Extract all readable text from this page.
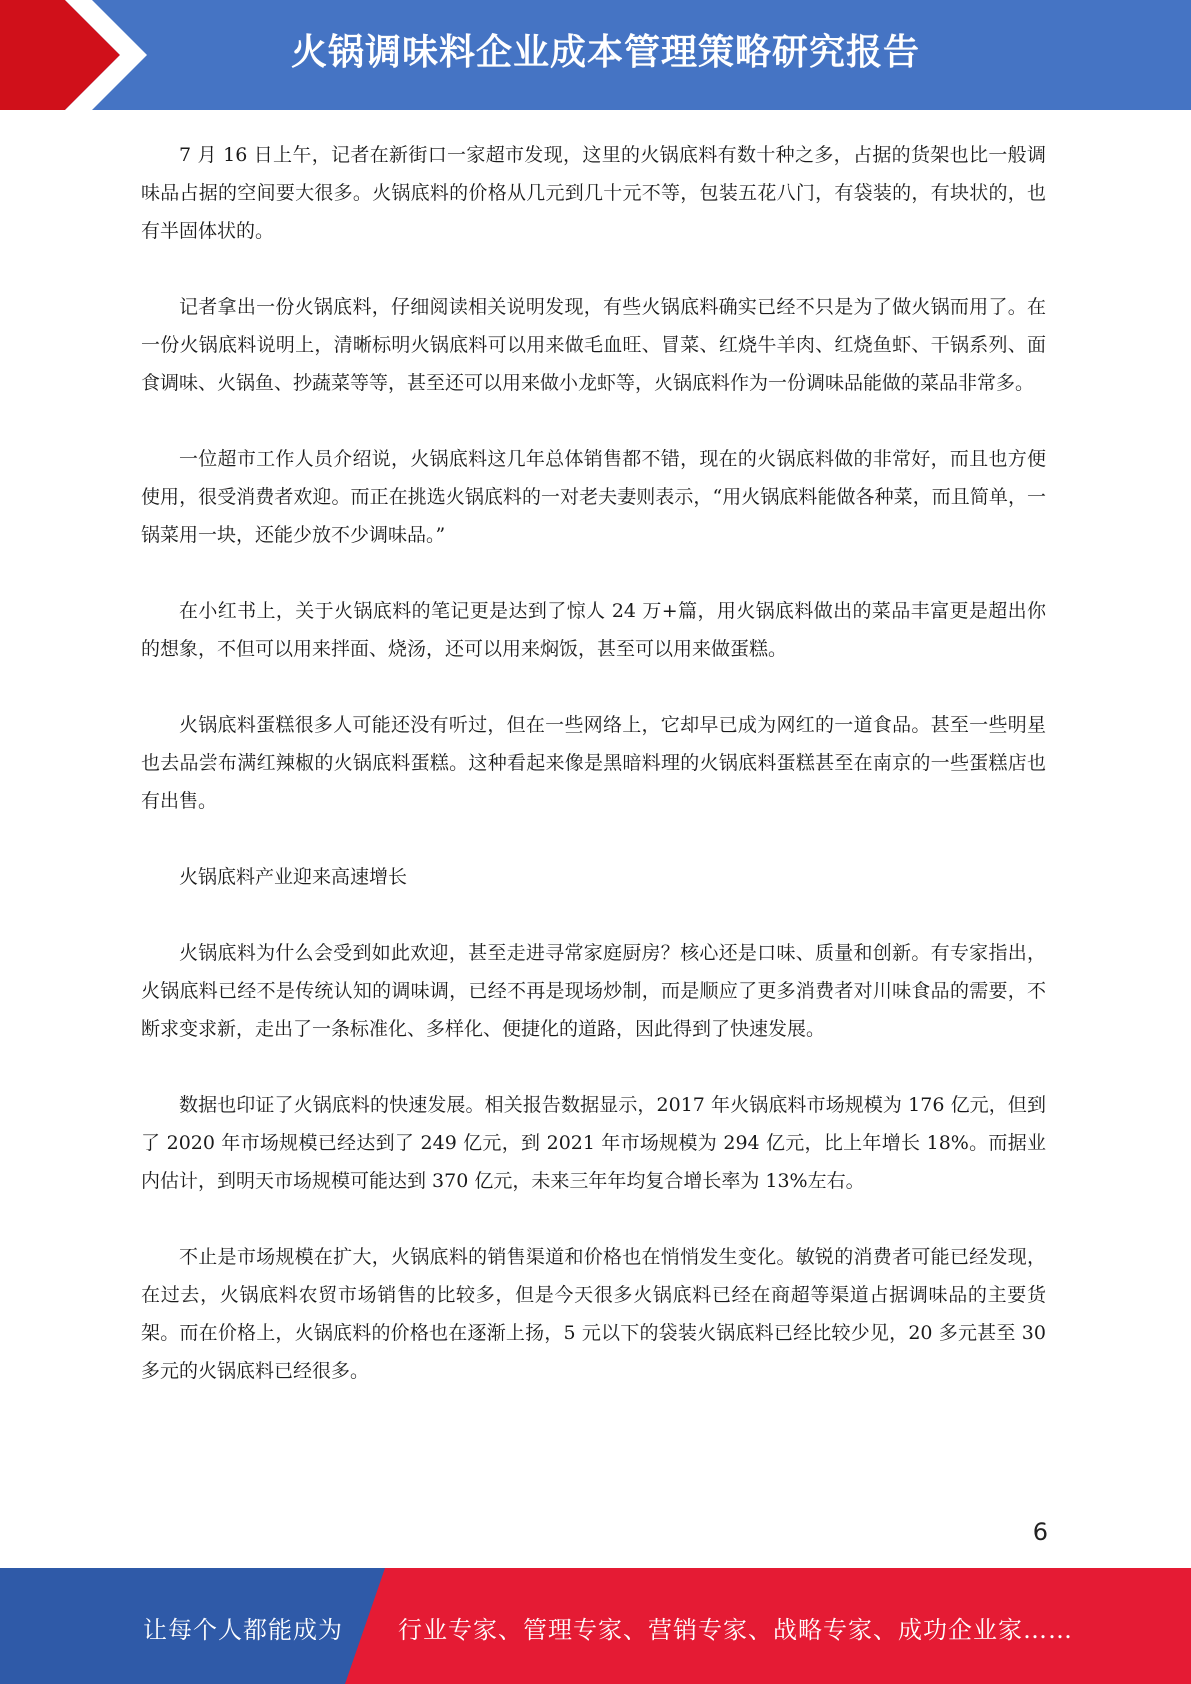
火锅调味料企业成本管理策略研究报告

7 月 16 日上午，记者在新街口一家超市发现，这里的火锅底料有数十种之多，占据的货架也比一般调味品占据的空间要大很多。火锅底料的价格从几元到几十元不等，包装五花八门，有袋装的，有块状的，也有半固体状的。

记者拿出一份火锅底料，仔细阅读相关说明发现，有些火锅底料确实已经不只是为了做火锅而用了。在一份火锅底料说明上，清晰标明火锅底料可以用来做毛血旺、冒菜、红烧牛羊肉、红烧鱼虾、干锅系列、面食调味、火锅鱼、抄蔬菜等等，甚至还可以用来做小龙虾等，火锅底料作为一份调味品能做的菜品非常多。

一位超市工作人员介绍说，火锅底料这几年总体销售都不错，现在的火锅底料做的非常好，而且也方便使用，很受消费者欢迎。而正在挑选火锅底料的一对老夫妻则表示，“用火锅底料能做各种菜，而且简单，一锅菜用一块，还能少放不少调味品。”

在小红书上，关于火锅底料的笔记更是达到了惊人 24 万+篇，用火锅底料做出的菜品丰富更是超出你的想象，不但可以用来拌面、烧汤，还可以用来焖饭，甚至可以用来做蛋糕。

火锅底料蛋糕很多人可能还没有听过，但在一些网络上，它却早已成为网红的一道食品。甚至一些明星也去品尝布满红辣椒的火锅底料蛋糕。这种看起来像是黑暗料理的火锅底料蛋糕甚至在南京的一些蛋糕店也有出售。

火锅底料产业迎来高速增长

火锅底料为什么会受到如此欢迎，甚至走进寻常家庭厨房？核心还是口味、质量和创新。有专家指出，火锅底料已经不是传统认知的调味调，已经不再是现场炒制，而是顺应了更多消费者对川味食品的需要，不断求变求新，走出了一条标准化、多样化、便捷化的道路，因此得到了快速发展。

数据也印证了火锅底料的快速发展。相关报告数据显示，2017 年火锅底料市场规模为 176 亿元，但到了 2020 年市场规模已经达到了 249 亿元，到 2021 年市场规模为 294 亿元，比上年增长 18%。而据业内估计，到明天市场规模可能达到 370 亿元，未来三年年均复合增长率为 13%左右。

不止是市场规模在扩大，火锅底料的销售渠道和价格也在悄悄发生变化。敏锐的消费者可能已经发现，在过去，火锅底料农贸市场销售的比较多，但是今天很多火锅底料已经在商超等渠道占据调味品的主要货架。而在价格上，火锅底料的价格也在逐渐上扬，5 元以下的袋装火锅底料已经比较少见，20 多元甚至 30 多元的火锅底料已经很多。

6
让每个人都能成为 行业专家、管理专家、营销专家、战略专家、成功企业家……
